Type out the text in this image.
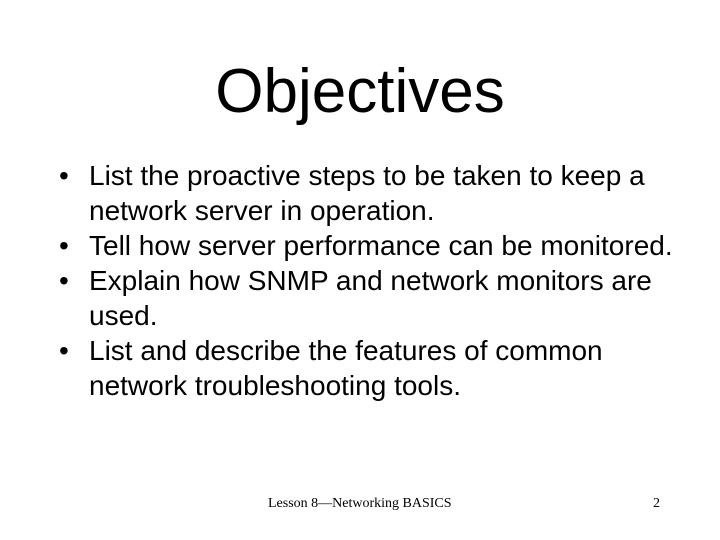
Objectives
• List the proactive steps to be taken to keep a network server in operation.
• Tell how server performance can be monitored.
• Explain how SNMP and network monitors are used.
• List and describe the features of common network troubleshooting tools.
Lesson 8—Networking BASICS	2
